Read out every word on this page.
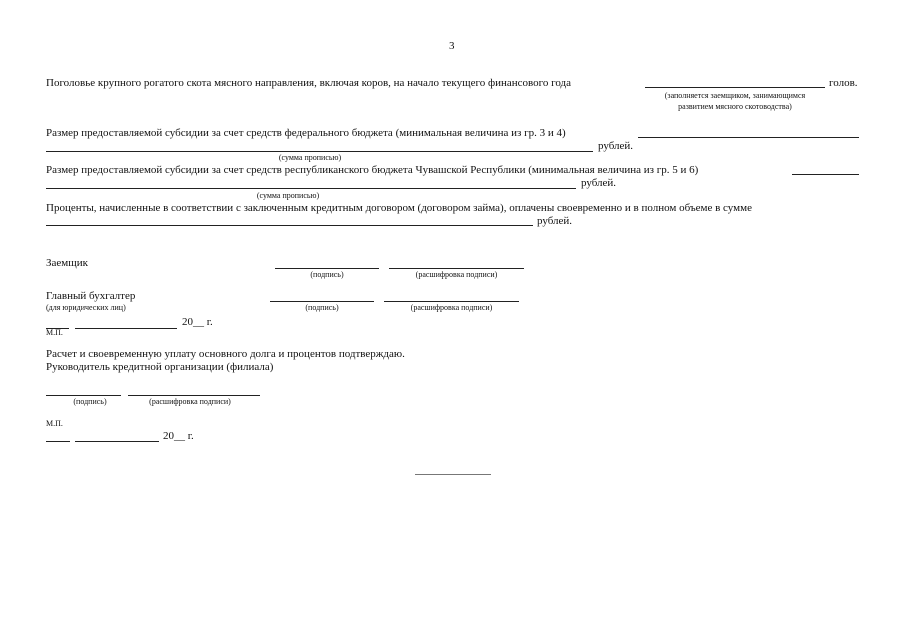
3
Поголовье крупного рогатого скота мясного направления, включая коров, на начало текущего финансового года	голов.
(заполняется заемщиком, занимающимся
развитием мясного скотоводства)
Размер предоставляемой субсидии за счет средств федерального бюджета (минимальная величина из гр. 3 и 4)
рублей.
(сумма прописью)
Размер предоставляемой субсидии за счет средств республиканского бюджета Чувашской Республики (минимальная величина из гр. 5 и 6)
рублей.
(сумма прописью)
Проценты, начисленные в соответствии с заключенным кредитным договором (договором займа), оплачены своевременно и в полном объеме в сумме
рублей.
Заемщик
(подпись)	(расшифровка подписи)
Главный бухгалтер
(для юридических лиц)	(подпись)	(расшифровка подписи)
20__ г.
М.П.
Расчет и своевременную уплату основного долга и процентов подтверждаю.
Руководитель кредитной организации (филиала)
(подпись)	(расшифровка подписи)
М.П.
20__ г.
